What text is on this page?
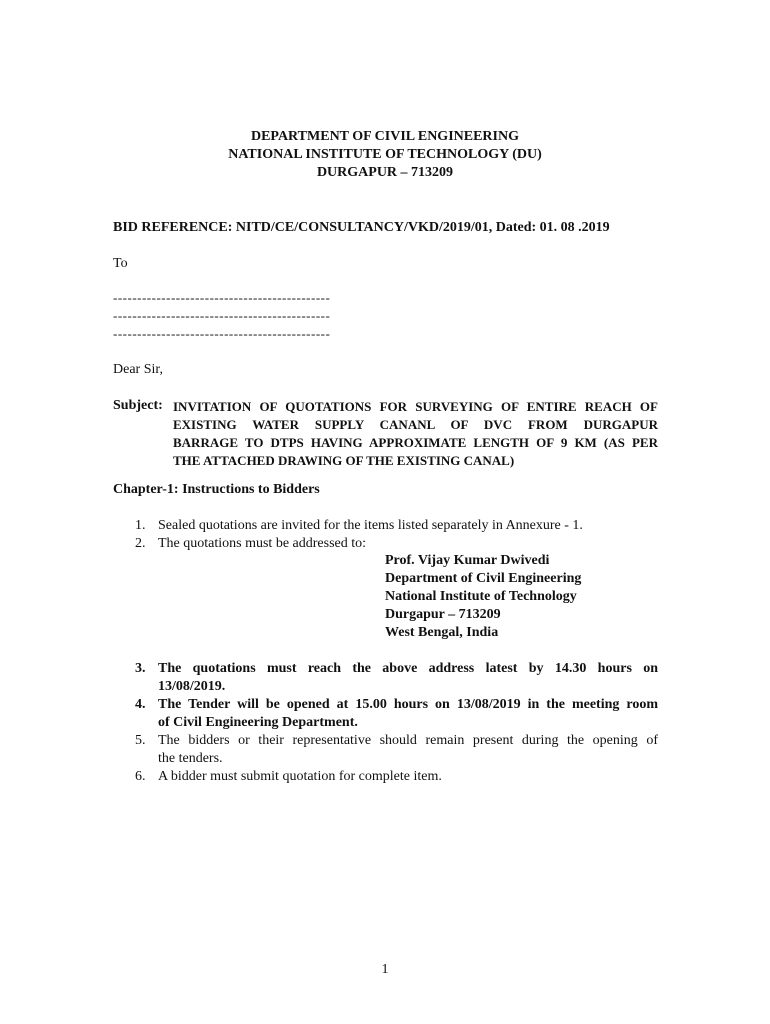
DEPARTMENT OF CIVIL ENGINEERING
NATIONAL INSTITUTE OF TECHNOLOGY (DU)
DURGAPUR – 713209
BID REFERENCE: NITD/CE/CONSULTANCY/VKD/2019/01, Dated: 01. 08 .2019
To
---------------------------------------------
---------------------------------------------
---------------------------------------------
Dear Sir,
Subject: INVITATION OF QUOTATIONS FOR SURVEYING OF ENTIRE REACH OF
EXISTING WATER SUPPLY CANANL OF DVC FROM DURGAPUR
BARRAGE TO DTPS HAVING APPROXIMATE LENGTH OF 9 KM (AS PER
THE ATTACHED DRAWING OF THE EXISTING CANAL)
Chapter-1: Instructions to Bidders
1. Sealed quotations are invited for the items listed separately in Annexure - 1.
2. The quotations must be addressed to:
Prof. Vijay Kumar Dwivedi
Department of Civil Engineering
National Institute of Technology
Durgapur – 713209
West Bengal, India
3. The quotations must reach the above address latest by 14.30 hours on
13/08/2019.
4. The Tender will be opened at 15.00 hours on 13/08/2019 in the meeting room
of Civil Engineering Department.
5. The bidders or their representative should remain present during the opening of
the tenders.
6. A bidder must submit quotation for complete item.
1
